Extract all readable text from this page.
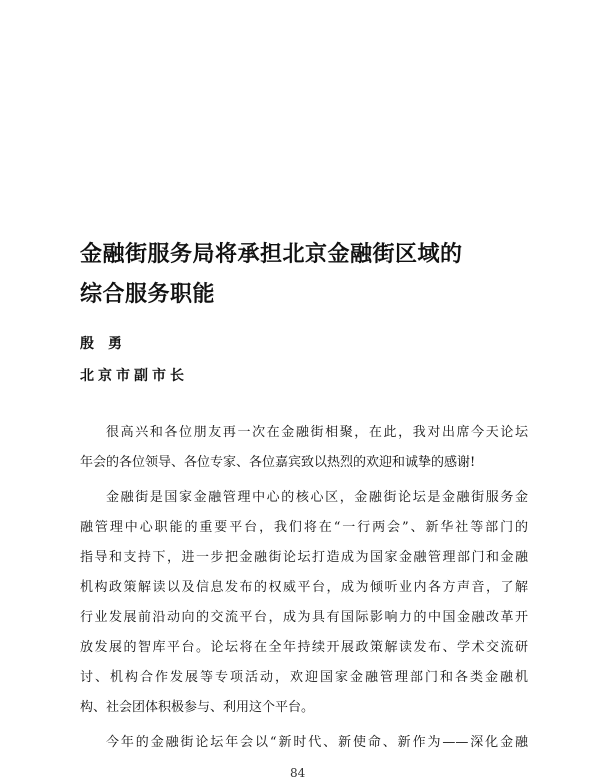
金融街服务局将承担北京金融街区域的
综合服务职能
殷勇
北京市副市长
很高兴和各位朋友再一次在金融街相聚，在此，我对出席今天论坛
年会的各位领导、各位专家、各位嘉宾致以热烈的欢迎和诚挚的感谢!
金融街是国家金融管理中心的核心区，金融街论坛是金融街服务金
融管理中心职能的重要平台，我们将在“一行两会”、新华社等部门的
指导和支持下，进一步把金融街论坛打造成为国家金融管理部门和金融
机构政策解读以及信息发布的权威平台，成为倾听业内各方声音，了解
行业发展前沿动向的交流平台，成为具有国际影响力的中国金融改革开
放发展的智库平台。论坛将在全年持续开展政策解读发布、学术交流研
讨、机构合作发展等专项活动，欢迎国家金融管理部门和各类金融机
构、社会团体积极参与、利用这个平台。
今年的金融街论坛年会以“新时代、新使命、新作为——深化金融
84
